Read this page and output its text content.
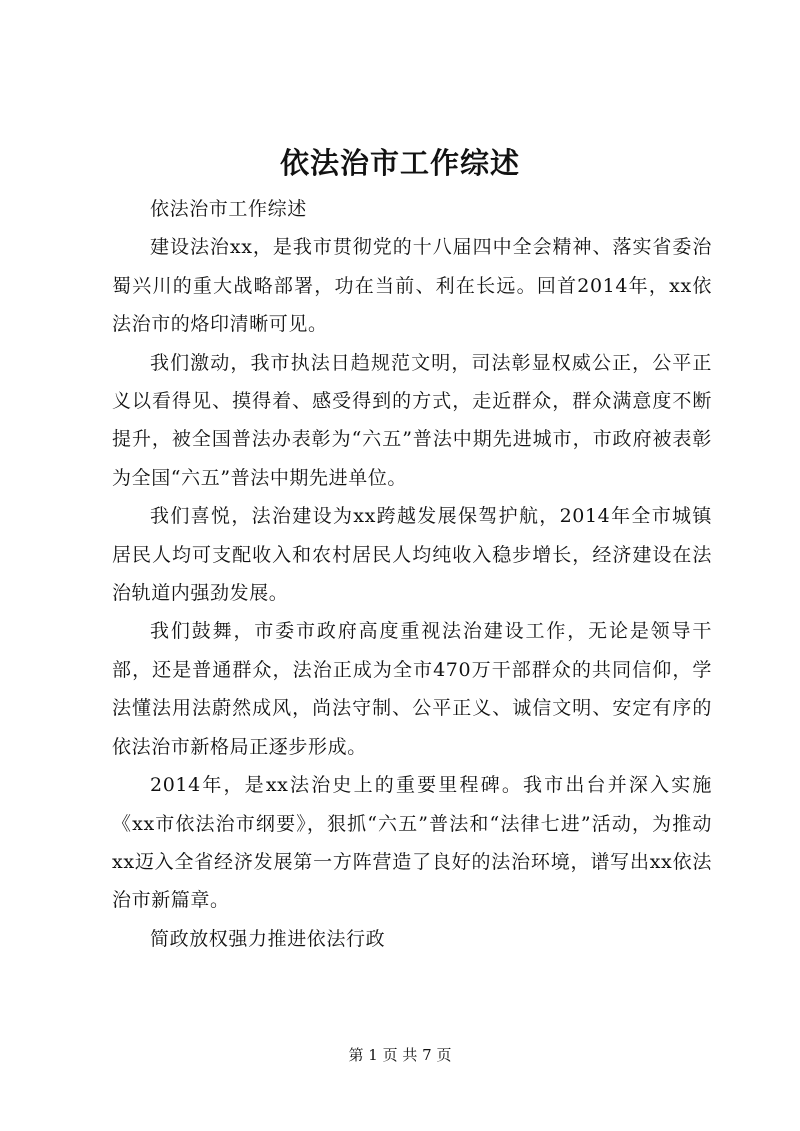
依法治市工作综述

依法治市工作综述

建设法治xx，是我市贯彻党的十八届四中全会精神、落实省委治蜀兴川的重大战略部署，功在当前、利在长远。回首2014年，xx依法治市的烙印清晰可见。

我们激动，我市执法日趋规范文明，司法彰显权威公正，公平正义以看得见、摸得着、感受得到的方式，走近群众，群众满意度不断提升，被全国普法办表彰为“六五”普法中期先进城市，市政府被表彰为全国“六五”普法中期先进单位。

我们喜悦，法治建设为xx跨越发展保驾护航，2014年全市城镇居民人均可支配收入和农村居民人均纯收入稳步增长，经济建设在法治轨道内强劲发展。

我们鼓舞，市委市政府高度重视法治建设工作，无论是领导干部，还是普通群众，法治正成为全市470万干部群众的共同信仰，学法懂法用法蔚然成风，尚法守制、公平正义、诚信文明、安定有序的依法治市新格局正逐步形成。

2014年，是xx法治史上的重要里程碑。我市出台并深入实施《xx市依法治市纲要》，狠抓“六五”普法和“法律七进”活动，为推动xx迈入全省经济发展第一方阵营造了良好的法治环境，谱写出xx依法治市新篇章。

简政放权强力推进依法行政

第 1 页 共 7 页
